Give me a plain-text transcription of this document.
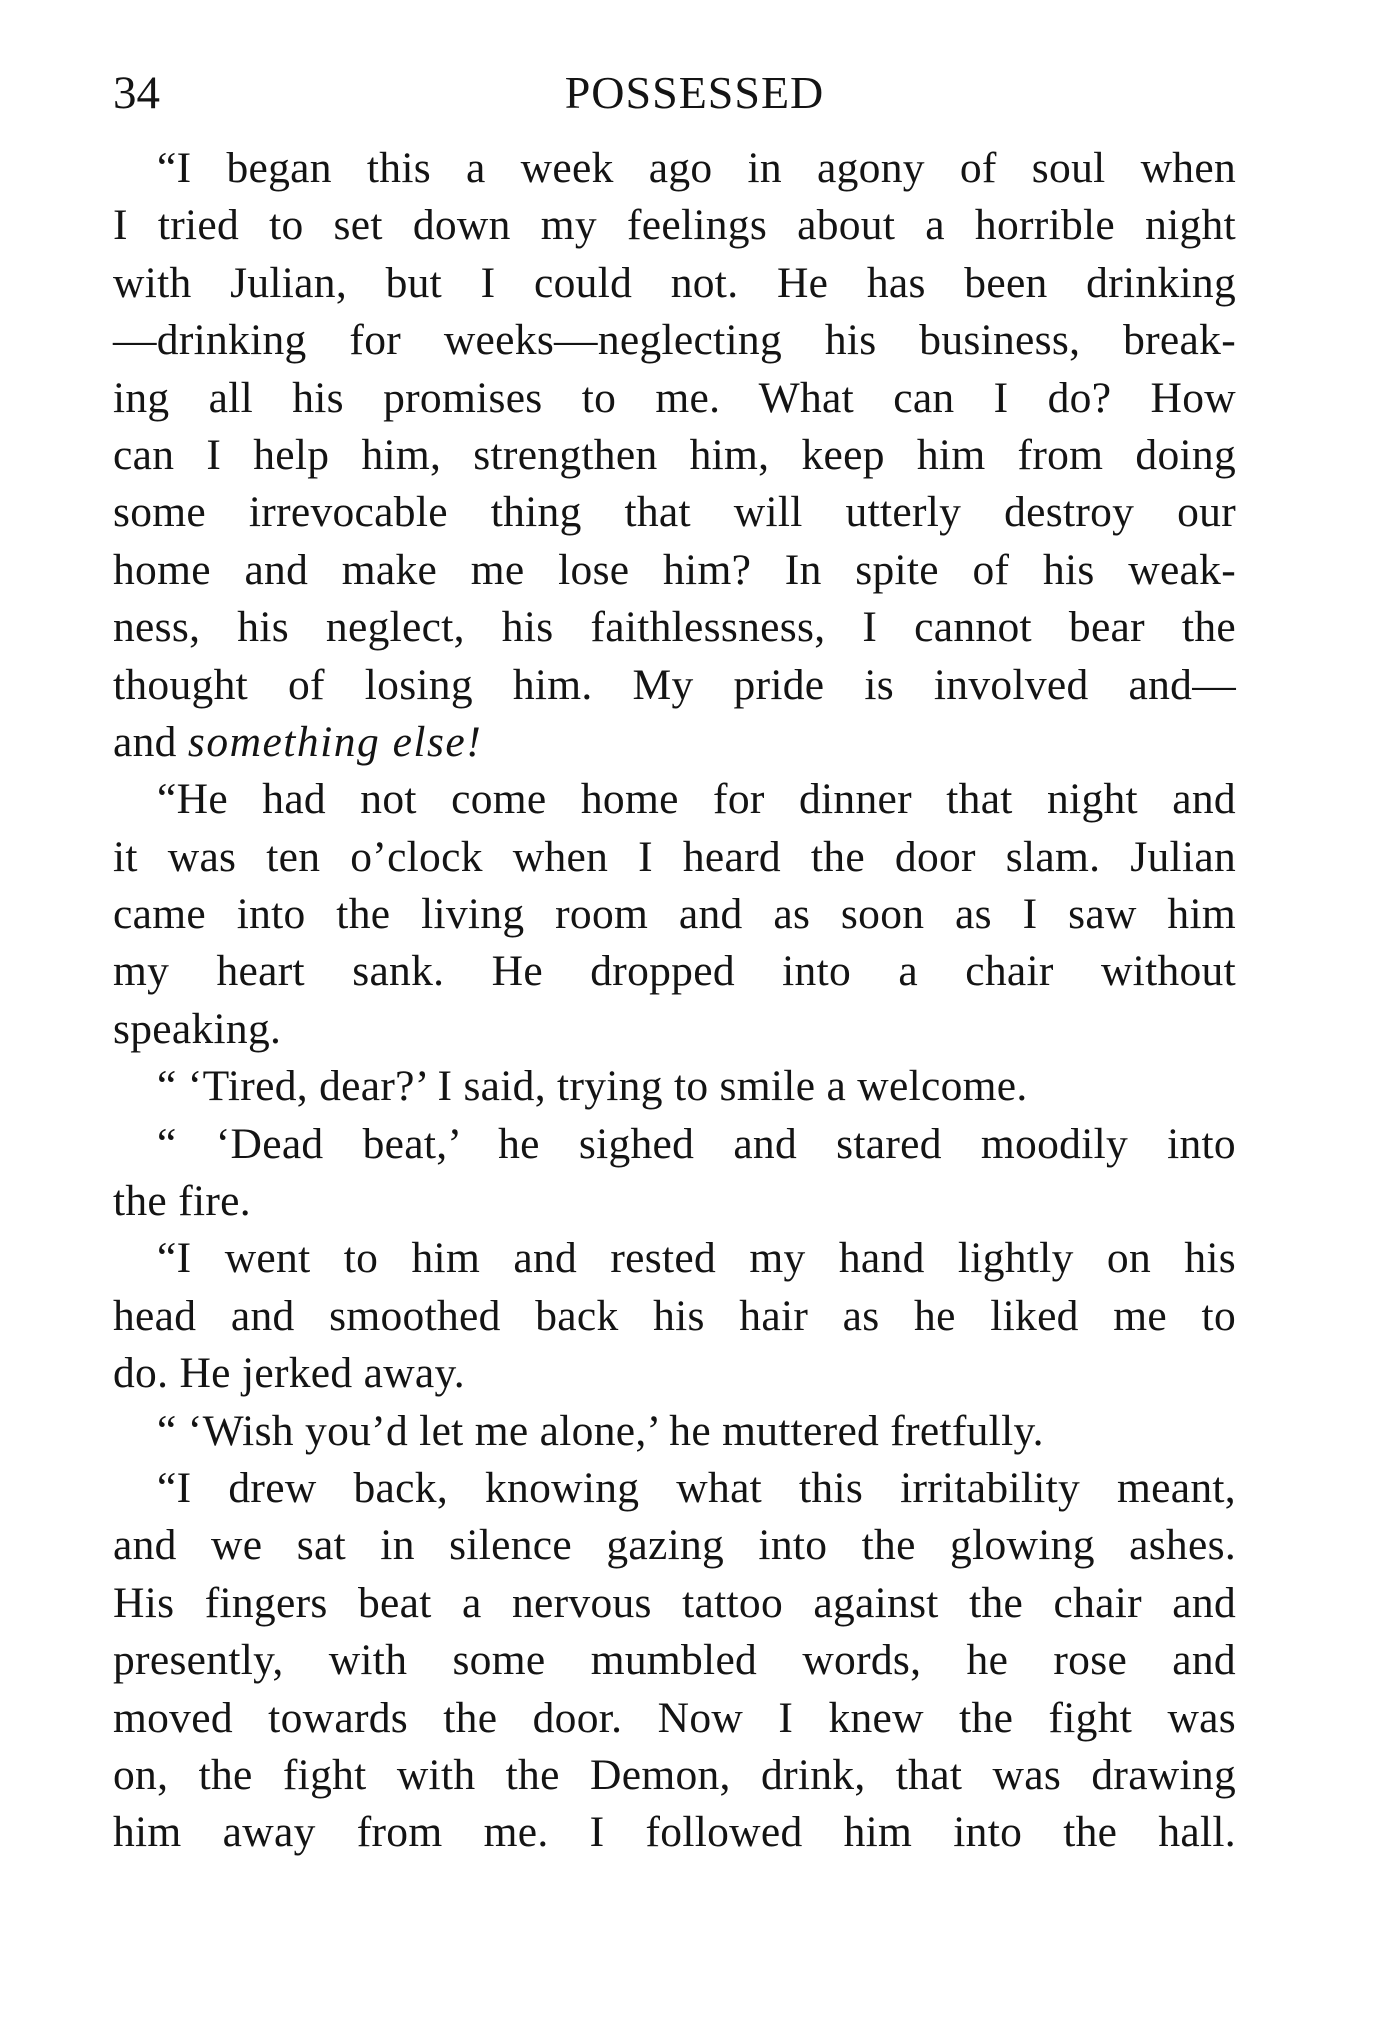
34	POSSESSED
“I began this a week ago in agony of soul when
I tried to set down my feelings about a horrible night
with Julian, but I could not. He has been drinking
—drinking for weeks—neglecting his business, break-
ing all his promises to me. What can I do? How
can I help him, strengthen him, keep him from doing
some irrevocable thing that will utterly destroy our
home and make me lose him? In spite of his weak-
ness, his neglect, his faithlessness, I cannot bear the
thought of losing him. My pride is involved and—
and something else!
“He had not come home for dinner that night and
it was ten o’clock when I heard the door slam. Julian
came into the living room and as soon as I saw him
my heart sank. He dropped into a chair without
speaking.
“ ‘Tired, dear?’ I said, trying to smile a welcome.
“ ‘Dead beat,’ he sighed and stared moodily into
the fire.
“I went to him and rested my hand lightly on his
head and smoothed back his hair as he liked me to
do. He jerked away.
“ ‘Wish you’d let me alone,’ he muttered fretfully.
“I drew back, knowing what this irritability meant,
and we sat in silence gazing into the glowing ashes.
His fingers beat a nervous tattoo against the chair and
presently, with some mumbled words, he rose and
moved towards the door. Now I knew the fight was
on, the fight with the Demon, drink, that was drawing
him away from me. I followed him into the hall.
